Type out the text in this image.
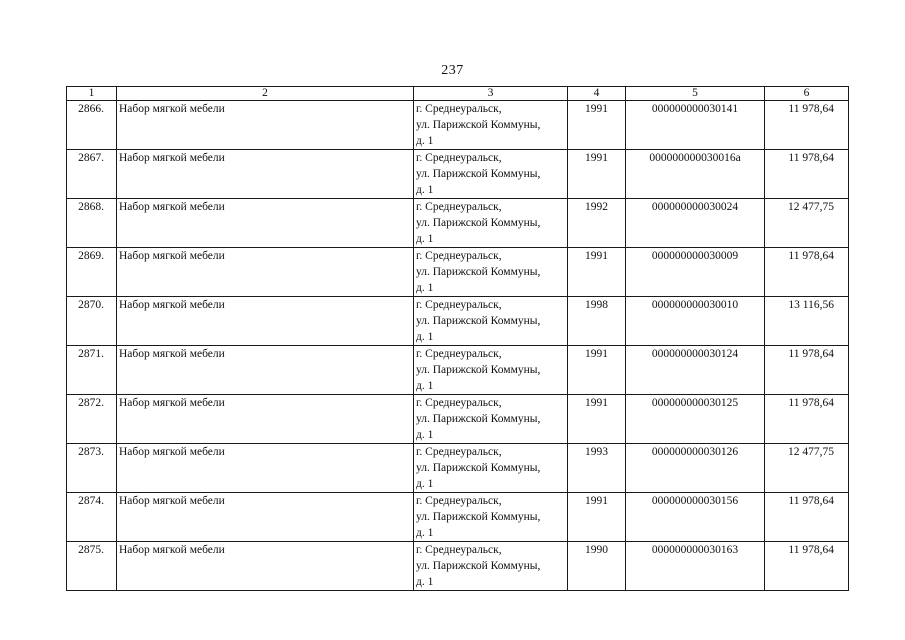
237
1	2	3	4	5	6
2866.	Набор мягкой мебели	г. Среднеуральск,
ул. Парижской Коммуны,
д. 1	1991	000000000030141	11 978,64
2867.	Набор мягкой мебели	г. Среднеуральск,
ул. Парижской Коммуны,
д. 1	1991	000000000030016a	11 978,64
2868.	Набор мягкой мебели	г. Среднеуральск,
ул. Парижской Коммуны,
д. 1	1992	000000000030024	12 477,75
2869.	Набор мягкой мебели	г. Среднеуральск,
ул. Парижской Коммуны,
д. 1	1991	000000000030009	11 978,64
2870.	Набор мягкой мебели	г. Среднеуральск,
ул. Парижской Коммуны,
д. 1	1998	000000000030010	13 116,56
2871.	Набор мягкой мебели	г. Среднеуральск,
ул. Парижской Коммуны,
д. 1	1991	000000000030124	11 978,64
2872.	Набор мягкой мебели	г. Среднеуральск,
ул. Парижской Коммуны,
д. 1	1991	000000000030125	11 978,64
2873.	Набор мягкой мебели	г. Среднеуральск,
ул. Парижской Коммуны,
д. 1	1993	000000000030126	12 477,75
2874.	Набор мягкой мебели	г. Среднеуральск,
ул. Парижской Коммуны,
д. 1	1991	000000000030156	11 978,64
2875.	Набор мягкой мебели	г. Среднеуральск,
ул. Парижской Коммуны,
д. 1	1990	000000000030163	11 978,64
